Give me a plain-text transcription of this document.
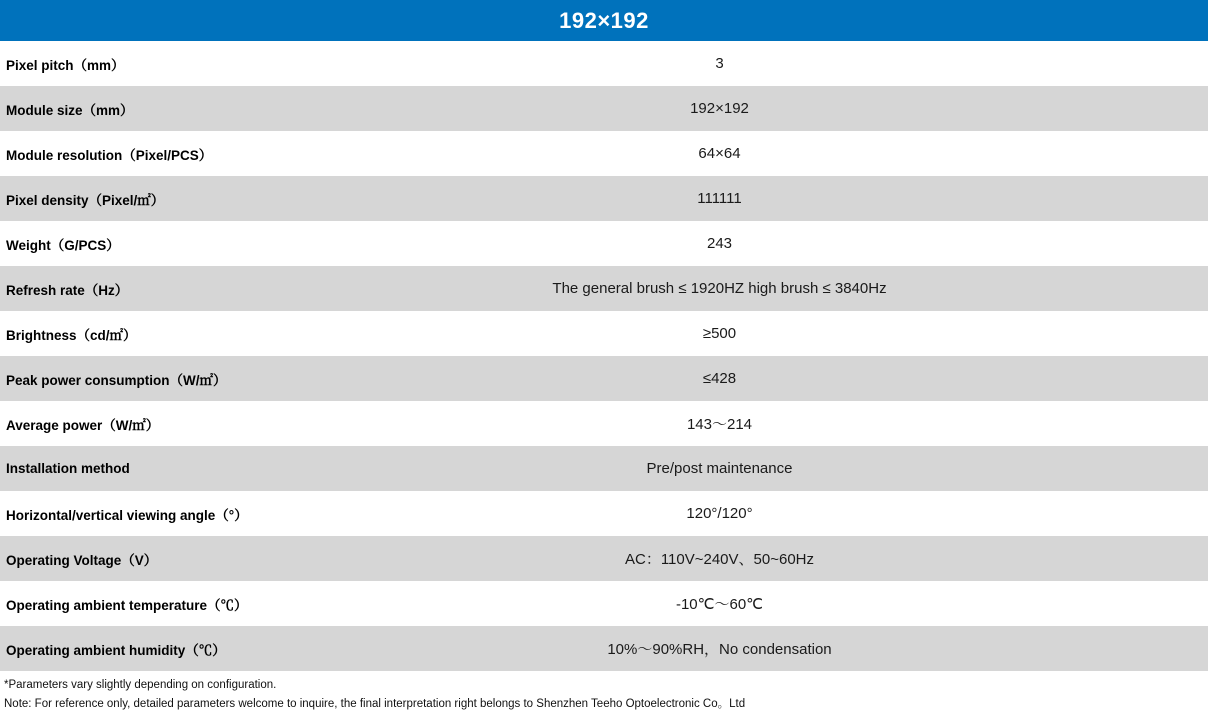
192×192
Pixel pitch（mm）	3
Module size（mm）	192×192
Module resolution（Pixel/PCS）	64×64
Pixel density（Pixel/㎡）	111111
Weight（G/PCS）	243
Refresh rate（Hz）	The general brush ≤ 1920HZ high brush ≤ 3840Hz
Brightness（cd/㎡）	≥500
Peak power consumption（W/㎡）	≤428
Average power（W/㎡）	143～214
Installation method	Pre/post maintenance
Horizontal/vertical viewing angle（°）	120°/120°
Operating Voltage（V）	AC：110V~240V、50~60Hz
Operating ambient temperature（℃）	-10℃～60℃
Operating ambient humidity（℃）	10%～90%RH，No condensation
*Parameters vary slightly depending on configuration.
Note: For reference only, detailed parameters welcome to inquire, the final interpretation right belongs to Shenzhen Teeho Optoelectronic Co。Ltd
